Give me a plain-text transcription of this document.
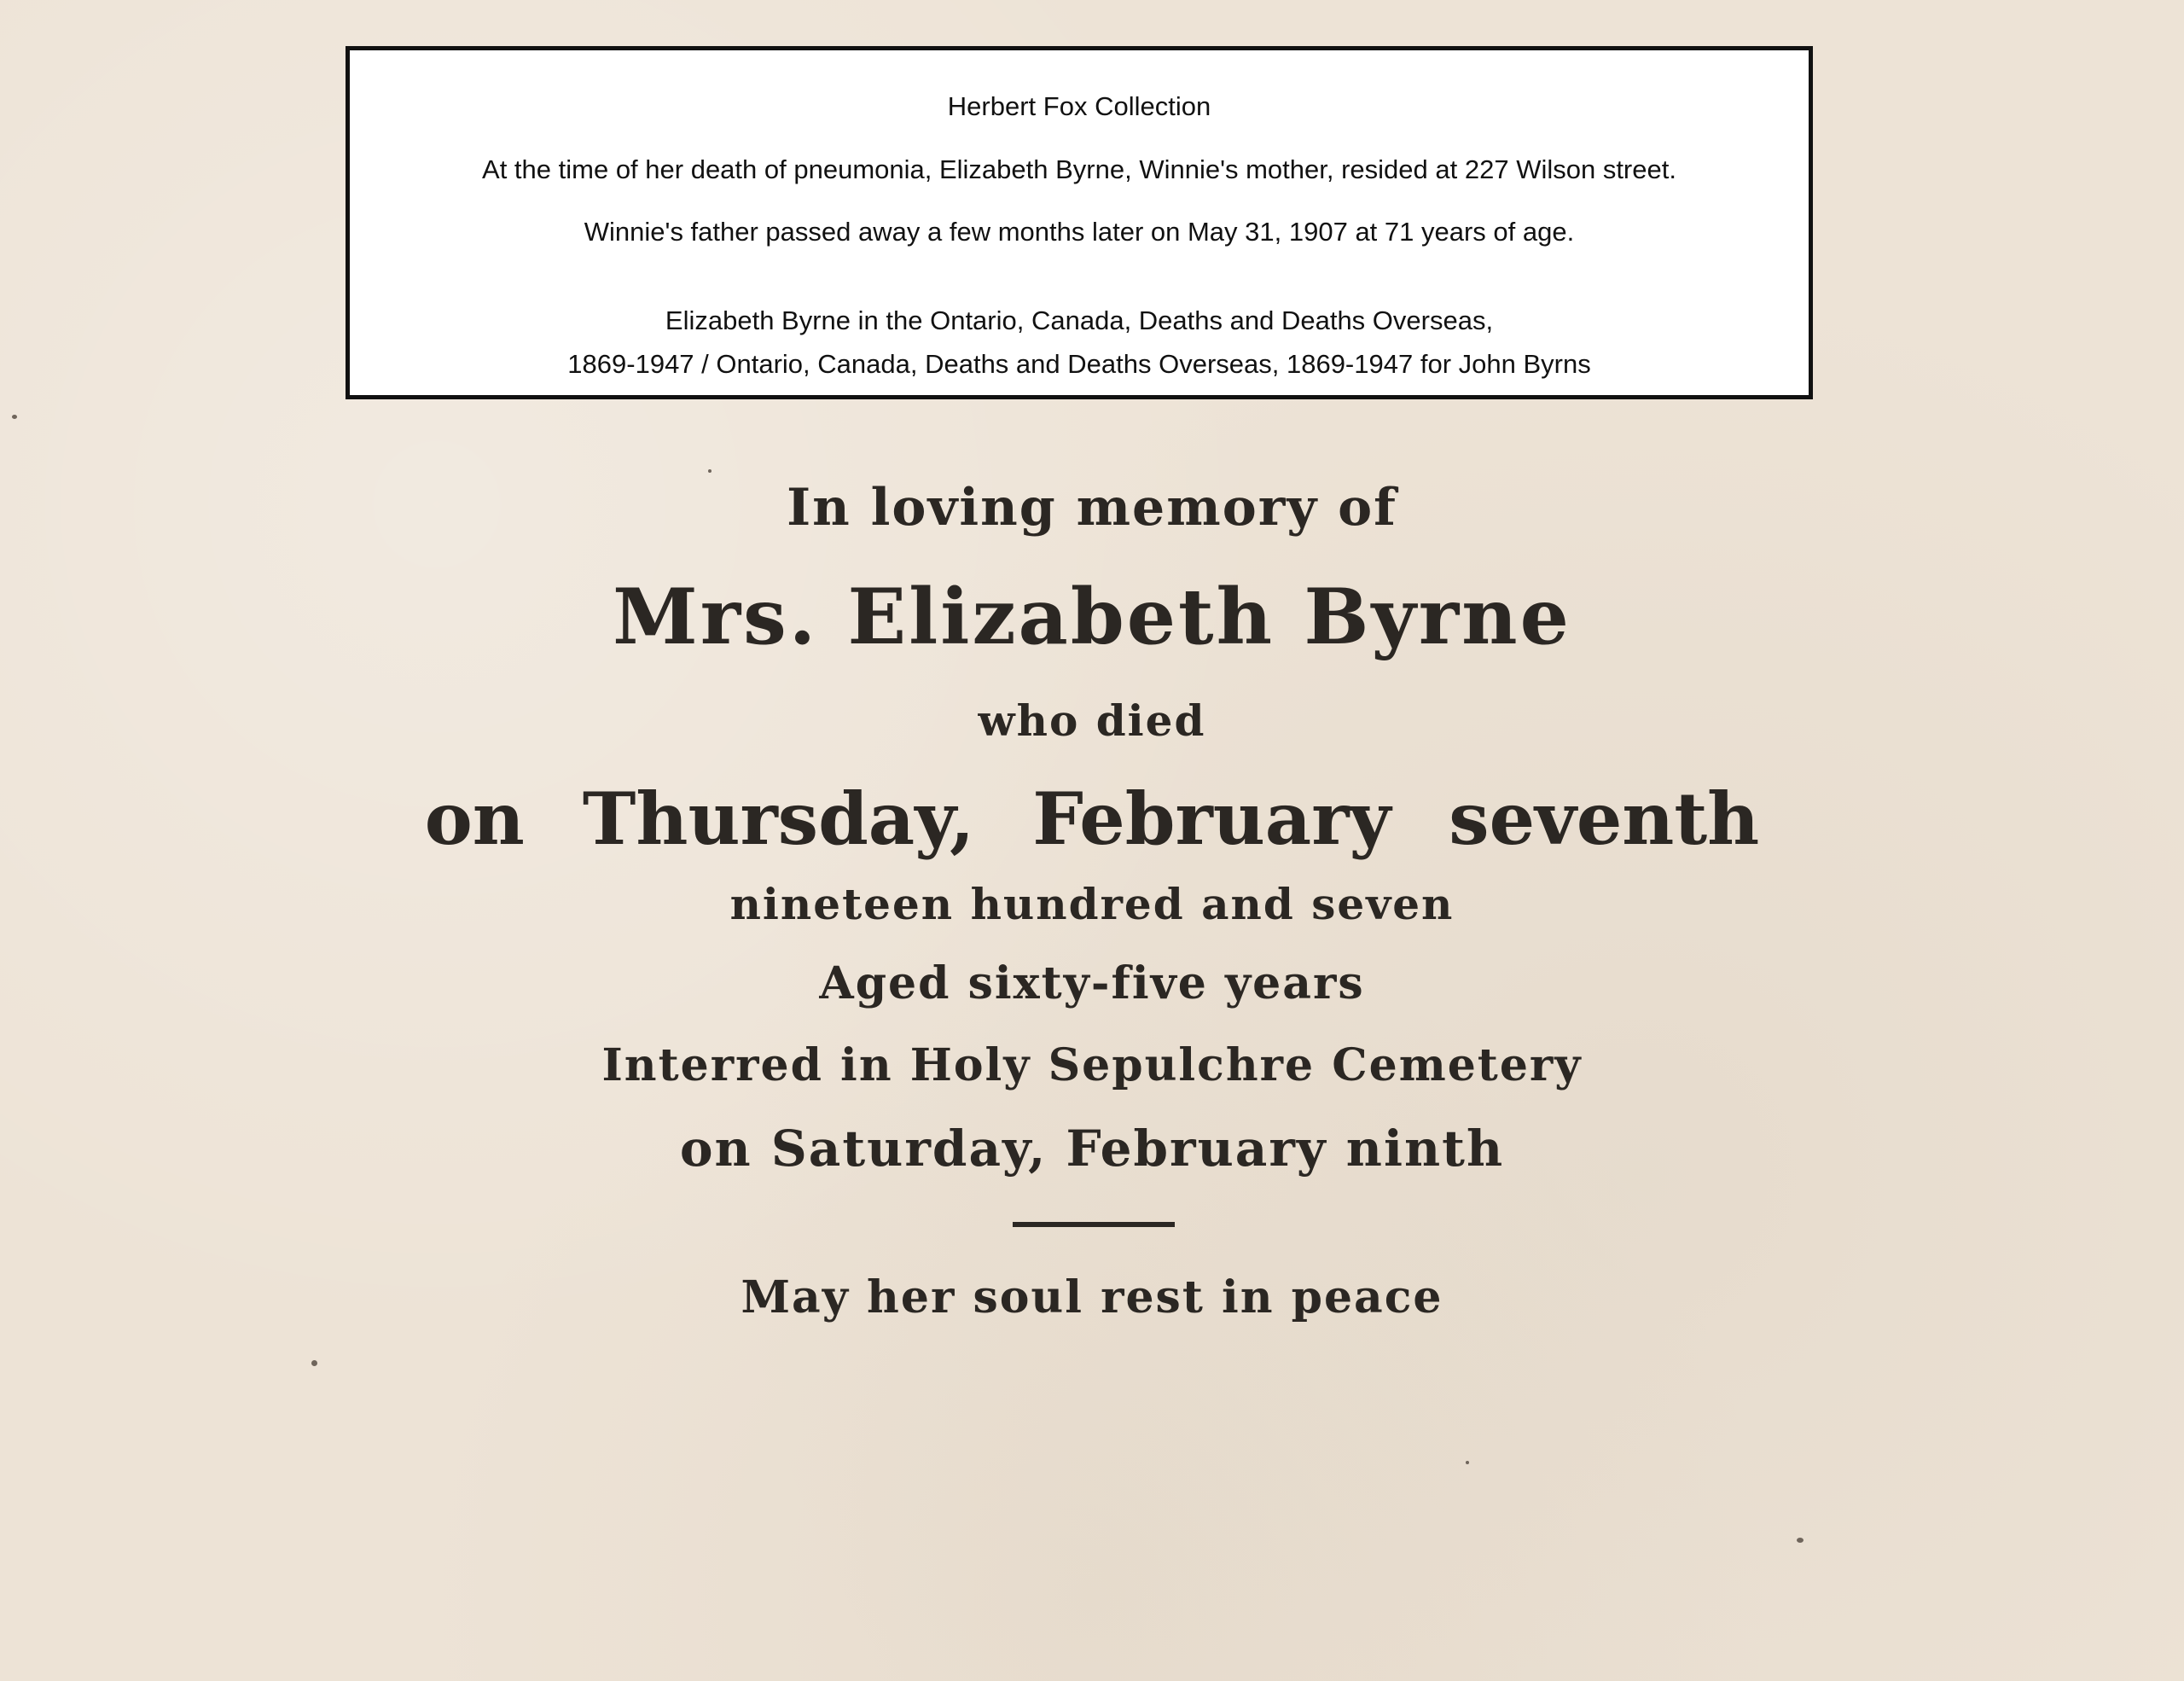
Herbert Fox Collection
At the time of her death of pneumonia, Elizabeth Byrne, Winnie's mother, resided at 227 Wilson street.
Winnie's father passed away a few months later on May 31, 1907 at 71 years of age.
Elizabeth Byrne in the Ontario, Canada, Deaths and Deaths Overseas,
1869-1947 / Ontario, Canada, Deaths and Deaths Overseas, 1869-1947 for John Byrns
In loving memory of
Mrs. Elizabeth Byrne
who died
on Thursday, February seventh
nineteen hundred and seven
Aged sixty-five years
Interred in Holy Sepulchre Cemetery
on Saturday, February ninth
May her soul rest in peace
